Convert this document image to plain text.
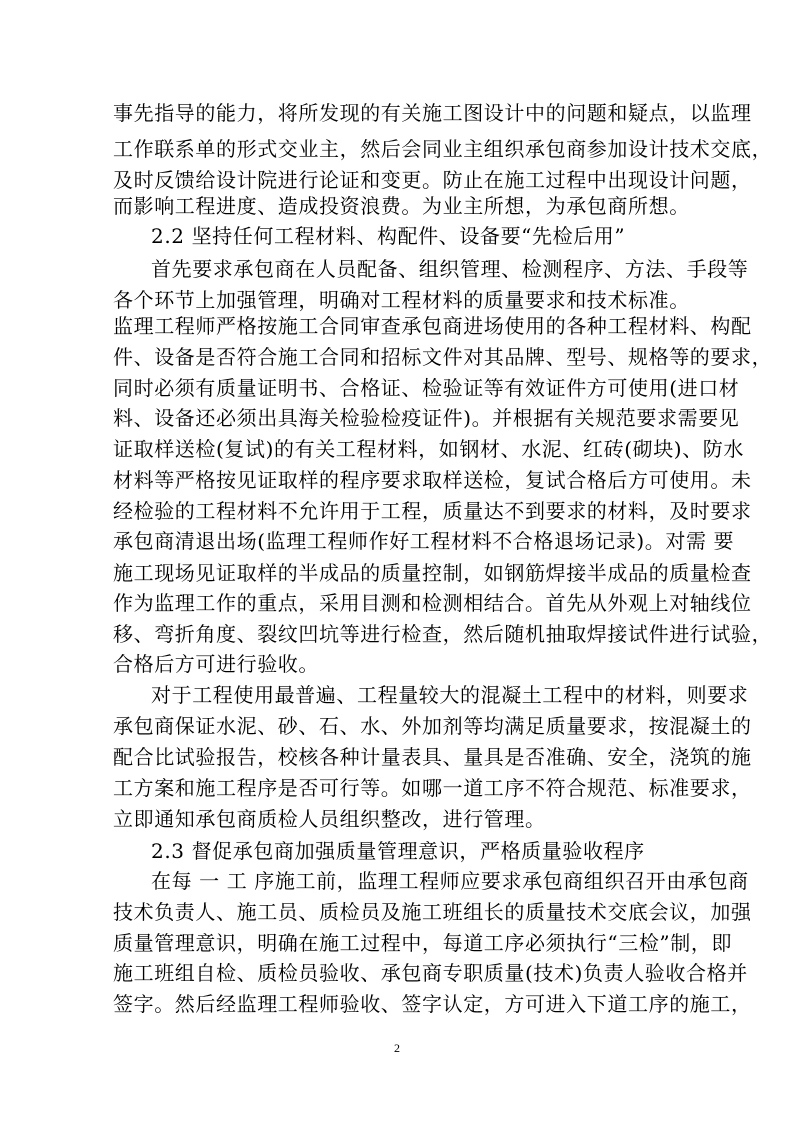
事先指导的能力，将所发现的有关施工图设计中的问题和疑点，以监理
工作联系单的形式交业主，然后会同业主组织承包商参加设计技术交底，
及时反馈给设计院进行论证和变更。防止在施工过程中出现设计问题，
而影响工程进度、造成投资浪费。为业主所想，为承包商所想。
2.2 坚持任何工程材料、构配件、设备要“先检后用”
首先要求承包商在人员配备、组织管理、检测程序、方法、手段等
各个环节上加强管理，明确对工程材料的质量要求和技术标准。
监理工程师严格按施工合同审查承包商进场使用的各种工程材料、构配
件、设备是否符合施工合同和招标文件对其品牌、型号、规格等的要求，
同时必须有质量证明书、合格证、检验证等有效证件方可使用(进口材
料、设备还必须出具海关检验检疫证件)。并根据有关规范要求需要见
证取样送检(复试)的有关工程材料，如钢材、水泥、红砖(砌块)、防水
材料等严格按见证取样的程序要求取样送检，复试合格后方可使用。未
经检验的工程材料不允许用于工程，质量达不到要求的材料，及时要求
承包商清退出场(监理工程师作好工程材料不合格退场记录)。对需 要
施工现场见证取样的半成品的质量控制，如钢筋焊接半成品的质量检查
作为监理工作的重点，采用目测和检测相结合。首先从外观上对轴线位
移、弯折角度、裂纹凹坑等进行检查，然后随机抽取焊接试件进行试验，
合格后方可进行验收。
对于工程使用最普遍、工程量较大的混凝土工程中的材料，则要求
承包商保证水泥、砂、石、水、外加剂等均满足质量要求，按混凝土的
配合比试验报告，校核各种计量表具、量具是否准确、安全，浇筑的施
工方案和施工程序是否可行等。如哪一道工序不符合规范、标准要求，
立即通知承包商质检人员组织整改，进行管理。
2.3 督促承包商加强质量管理意识，严格质量验收程序
在每 一 工 序施工前，监理工程师应要求承包商组织召开由承包商
技术负责人、施工员、质检员及施工班组长的质量技术交底会议，加强
质量管理意识，明确在施工过程中，每道工序必须执行“三检”制，即
施工班组自检、质检员验收、承包商专职质量(技术)负责人验收合格并
签字。然后经监理工程师验收、签字认定，方可进入下道工序的施工，
2
